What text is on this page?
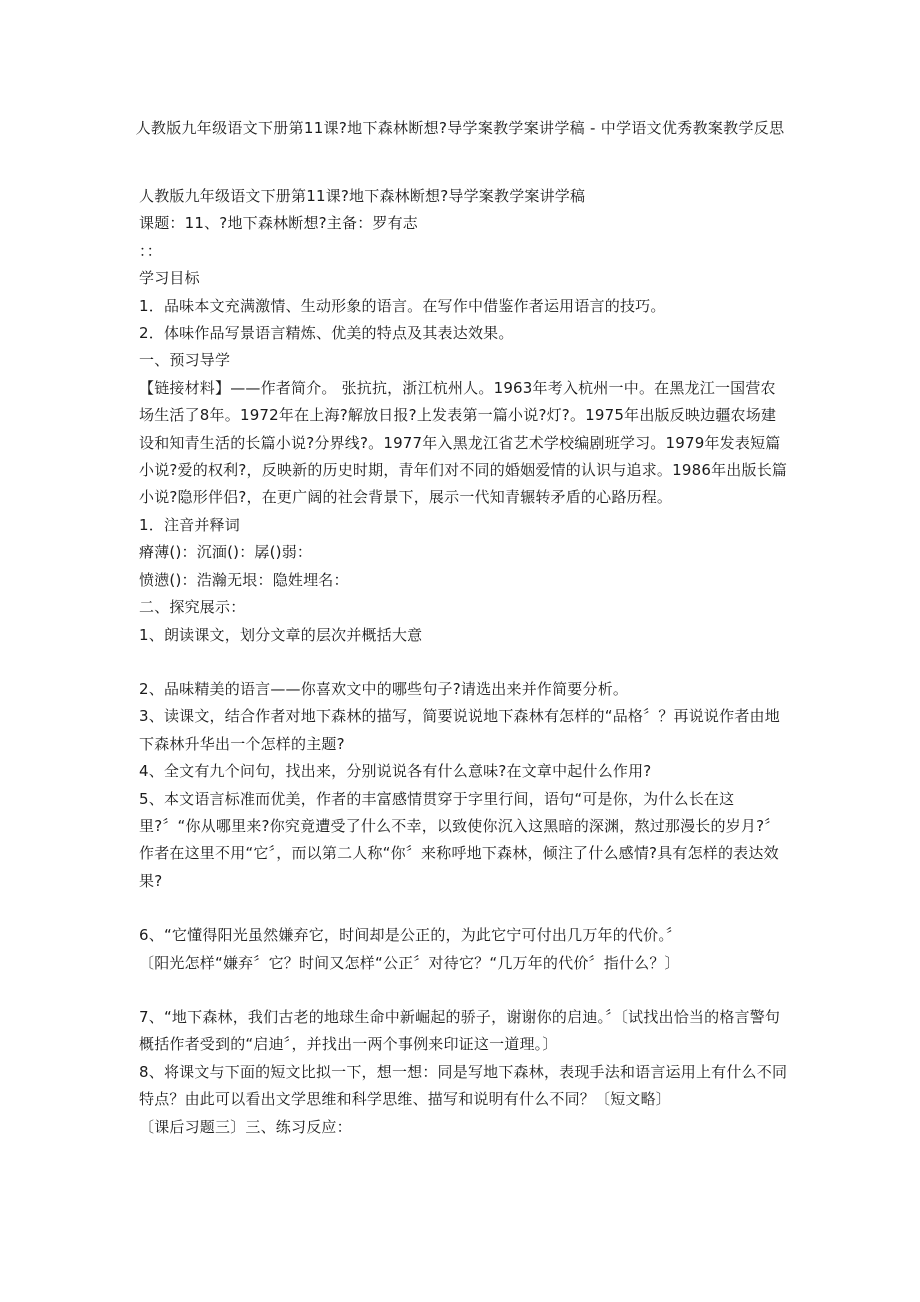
人教版九年级语文下册第11课?地下森林断想?导学案教学案讲学稿 - 中学语文优秀教案教学反思

人教版九年级语文下册第11课?地下森林断想?导学案教学案讲学稿

课题：11、?地下森林断想?主备：罗有志

：：

学习目标

1．品味本文充满激情、生动形象的语言。在写作中借鉴作者运用语言的技巧。

2．体味作品写景语言精炼、优美的特点及其表达效果。

一、预习导学

【链接材料】——作者简介。 张抗抗，浙江杭州人。1963年考入杭州一中。在黑龙江一国营农场生活了8年。1972年在上海?解放日报?上发表第一篇小说?灯?。1975年出版反映边疆农场建设和知青生活的长篇小说?分界线?。1977年入黑龙江省艺术学校编剧班学习。1979年发表短篇小说?爱的权利?，反映新的历史时期，青年们对不同的婚姻爱情的认识与追求。1986年出版长篇小说?隐形伴侣?，在更广阔的社会背景下，展示一代知青辗转矛盾的心路历程。

1．注音并释词

瘠薄()：沉湎()：孱()弱：

愤懑()：浩瀚无垠：隐姓埋名：

二、探究展示：

1、朗读课文，划分文章的层次并概括大意

2、品味精美的语言——你喜欢文中的哪些句子?请选出来并作简要分析。

3、读课文，结合作者对地下森林的描写，简要说说地下森林有怎样的“品格〞？再说说作者由地下森林升华出一个怎样的主题?

4、全文有九个问句，找出来，分别说说各有什么意味?在文章中起什么作用?

5、本文语言标准而优美，作者的丰富感情贯穿于字里行间，语句“可是你，为什么长在这里?〞“你从哪里来?你究竟遭受了什么不幸，以致使你沉入这黑暗的深渊，熬过那漫长的岁月?〞作者在这里不用“它〞，而以第二人称“你〞来称呼地下森林，倾注了什么感情?具有怎样的表达效果?

6、“它懂得阳光虽然嫌弃它，时间却是公正的，为此它宁可付出几万年的代价。〞

〔阳光怎样“嫌弃〞它？时间又怎样“公正〞对待它？“几万年的代价〞指什么？〕

7、“地下森林，我们古老的地球生命中新崛起的骄子，谢谢你的启迪。〞〔试找出恰当的格言警句概括作者受到的“启迪〞，并找出一两个事例来印证这一道理。〕

8、将课文与下面的短文比拟一下，想一想：同是写地下森林，表现手法和语言运用上有什么不同特点？由此可以看出文学思维和科学思维、描写和说明有什么不同？〔短文略〕

〔课后习题三〕三、练习反应：
